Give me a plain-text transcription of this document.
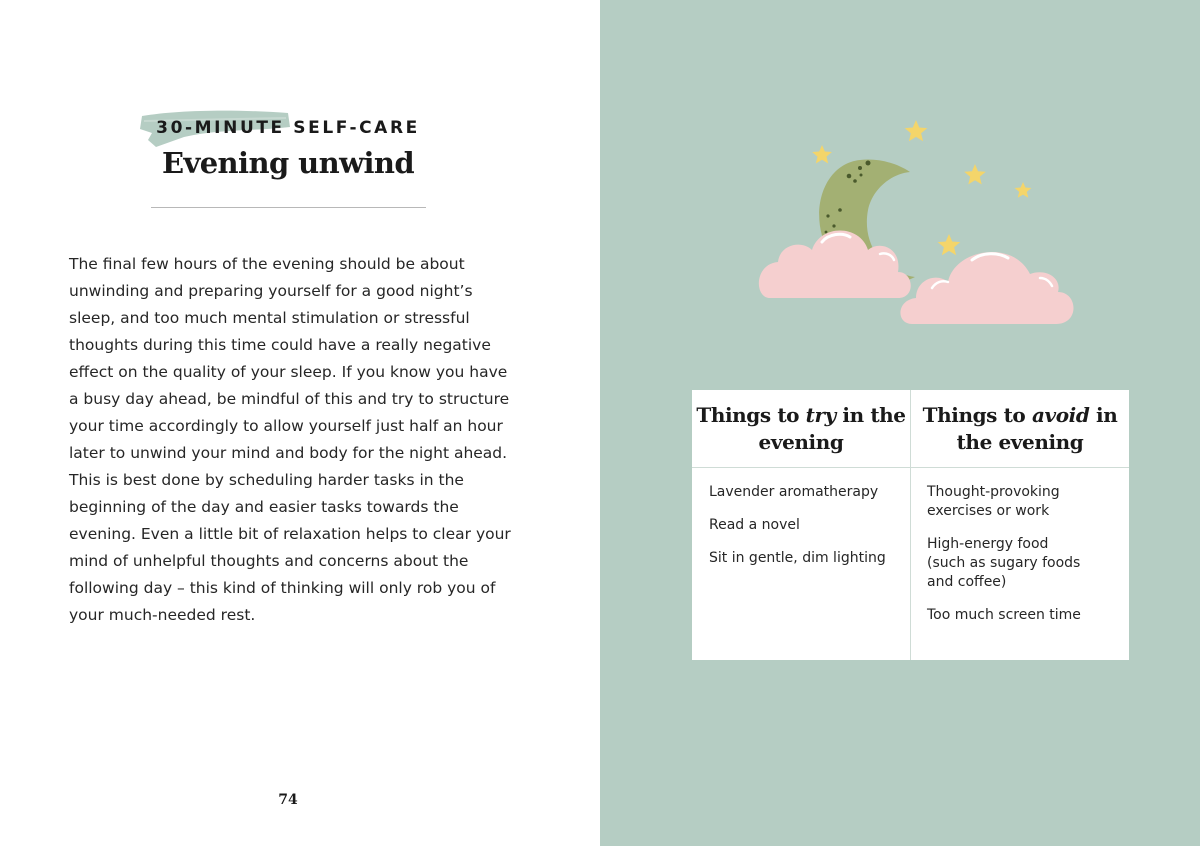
30-MINUTE SELF-CARE
Evening unwind

The final few hours of the evening should be about unwinding and preparing yourself for a good night’s sleep, and too much mental stimulation or stressful thoughts during this time could have a really negative effect on the quality of your sleep. If you know you have a busy day ahead, be mindful of this and try to structure your time accordingly to allow yourself just half an hour later to unwind your mind and body for the night ahead. This is best done by scheduling harder tasks in the beginning of the day and easier tasks towards the evening. Even a little bit of relaxation helps to clear your mind of unhelpful thoughts and concerns about the following day – this kind of thinking will only rob you of your much-needed rest.

74
Things to try in the evening
Things to avoid in the evening
Lavender aromatherapy
Read a novel
Sit in gentle, dim lighting
Thought-provoking
exercises or work
High-energy food
(such as sugary foods
and coffee)
Too much screen time
